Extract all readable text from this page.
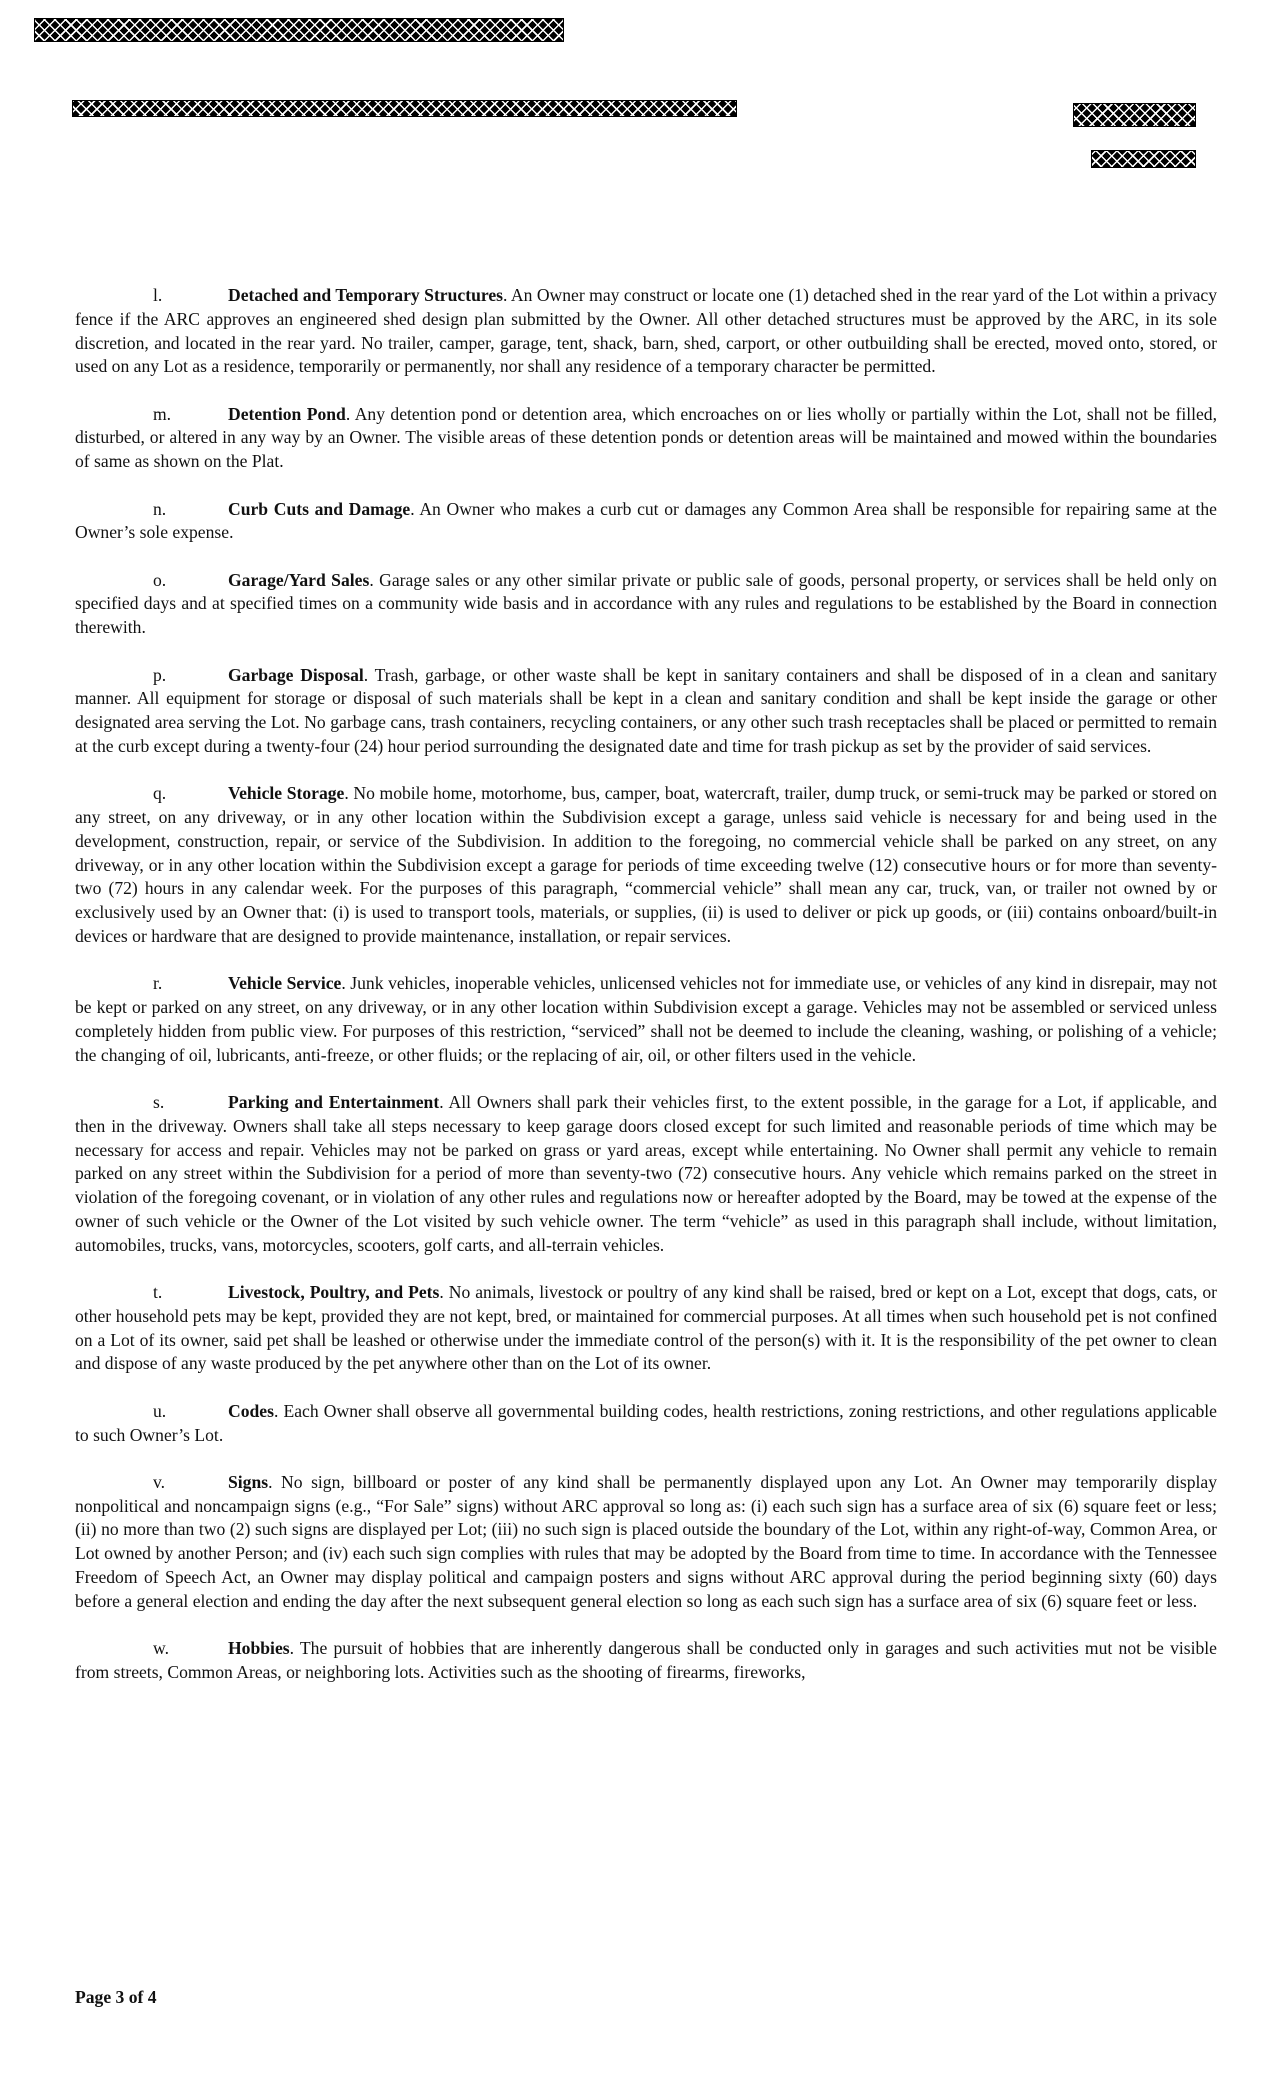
l.	Detached and Temporary Structures. An Owner may construct or locate one (1) detached shed in the rear yard of the Lot within a privacy fence if the ARC approves an engineered shed design plan submitted by the Owner. All other detached structures must be approved by the ARC, in its sole discretion, and located in the rear yard. No trailer, camper, garage, tent, shack, barn, shed, carport, or other outbuilding shall be erected, moved onto, stored, or used on any Lot as a residence, temporarily or permanently, nor shall any residence of a temporary character be permitted.

m.	Detention Pond. Any detention pond or detention area, which encroaches on or lies wholly or partially within the Lot, shall not be filled, disturbed, or altered in any way by an Owner. The visible areas of these detention ponds or detention areas will be maintained and mowed within the boundaries of same as shown on the Plat.

n.	Curb Cuts and Damage. An Owner who makes a curb cut or damages any Common Area shall be responsible for repairing same at the Owner’s sole expense.

o.	Garage/Yard Sales. Garage sales or any other similar private or public sale of goods, personal property, or services shall be held only on specified days and at specified times on a community wide basis and in accordance with any rules and regulations to be established by the Board in connection therewith.

p.	Garbage Disposal. Trash, garbage, or other waste shall be kept in sanitary containers and shall be disposed of in a clean and sanitary manner. All equipment for storage or disposal of such materials shall be kept in a clean and sanitary condition and shall be kept inside the garage or other designated area serving the Lot. No garbage cans, trash containers, recycling containers, or any other such trash receptacles shall be placed or permitted to remain at the curb except during a twenty-four (24) hour period surrounding the designated date and time for trash pickup as set by the provider of said services.

q.	Vehicle Storage. No mobile home, motorhome, bus, camper, boat, watercraft, trailer, dump truck, or semi-truck may be parked or stored on any street, on any driveway, or in any other location within the Subdivision except a garage, unless said vehicle is necessary for and being used in the development, construction, repair, or service of the Subdivision. In addition to the foregoing, no commercial vehicle shall be parked on any street, on any driveway, or in any other location within the Subdivision except a garage for periods of time exceeding twelve (12) consecutive hours or for more than seventy-two (72) hours in any calendar week. For the purposes of this paragraph, “commercial vehicle” shall mean any car, truck, van, or trailer not owned by or exclusively used by an Owner that: (i) is used to transport tools, materials, or supplies, (ii) is used to deliver or pick up goods, or (iii) contains onboard/built-in devices or hardware that are designed to provide maintenance, installation, or repair services.

r.	Vehicle Service. Junk vehicles, inoperable vehicles, unlicensed vehicles not for immediate use, or vehicles of any kind in disrepair, may not be kept or parked on any street, on any driveway, or in any other location within Subdivision except a garage. Vehicles may not be assembled or serviced unless completely hidden from public view. For purposes of this restriction, “serviced” shall not be deemed to include the cleaning, washing, or polishing of a vehicle; the changing of oil, lubricants, anti-freeze, or other fluids; or the replacing of air, oil, or other filters used in the vehicle.

s.	Parking and Entertainment. All Owners shall park their vehicles first, to the extent possible, in the garage for a Lot, if applicable, and then in the driveway. Owners shall take all steps necessary to keep garage doors closed except for such limited and reasonable periods of time which may be necessary for access and repair. Vehicles may not be parked on grass or yard areas, except while entertaining. No Owner shall permit any vehicle to remain parked on any street within the Subdivision for a period of more than seventy-two (72) consecutive hours. Any vehicle which remains parked on the street in violation of the foregoing covenant, or in violation of any other rules and regulations now or hereafter adopted by the Board, may be towed at the expense of the owner of such vehicle or the Owner of the Lot visited by such vehicle owner. The term “vehicle” as used in this paragraph shall include, without limitation, automobiles, trucks, vans, motorcycles, scooters, golf carts, and all-terrain vehicles.

t.	Livestock, Poultry, and Pets. No animals, livestock or poultry of any kind shall be raised, bred or kept on a Lot, except that dogs, cats, or other household pets may be kept, provided they are not kept, bred, or maintained for commercial purposes. At all times when such household pet is not confined on a Lot of its owner, said pet shall be leashed or otherwise under the immediate control of the person(s) with it. It is the responsibility of the pet owner to clean and dispose of any waste produced by the pet anywhere other than on the Lot of its owner.

u.	Codes. Each Owner shall observe all governmental building codes, health restrictions, zoning restrictions, and other regulations applicable to such Owner’s Lot.

v.	Signs. No sign, billboard or poster of any kind shall be permanently displayed upon any Lot. An Owner may temporarily display nonpolitical and noncampaign signs (e.g., “For Sale” signs) without ARC approval so long as: (i) each such sign has a surface area of six (6) square feet or less; (ii) no more than two (2) such signs are displayed per Lot; (iii) no such sign is placed outside the boundary of the Lot, within any right-of-way, Common Area, or Lot owned by another Person; and (iv) each such sign complies with rules that may be adopted by the Board from time to time. In accordance with the Tennessee Freedom of Speech Act, an Owner may display political and campaign posters and signs without ARC approval during the period beginning sixty (60) days before a general election and ending the day after the next subsequent general election so long as each such sign has a surface area of six (6) square feet or less.

w.	Hobbies. The pursuit of hobbies that are inherently dangerous shall be conducted only in garages and such activities mut not be visible from streets, Common Areas, or neighboring lots. Activities such as the shooting of firearms, fireworks,

Page 3 of 4
